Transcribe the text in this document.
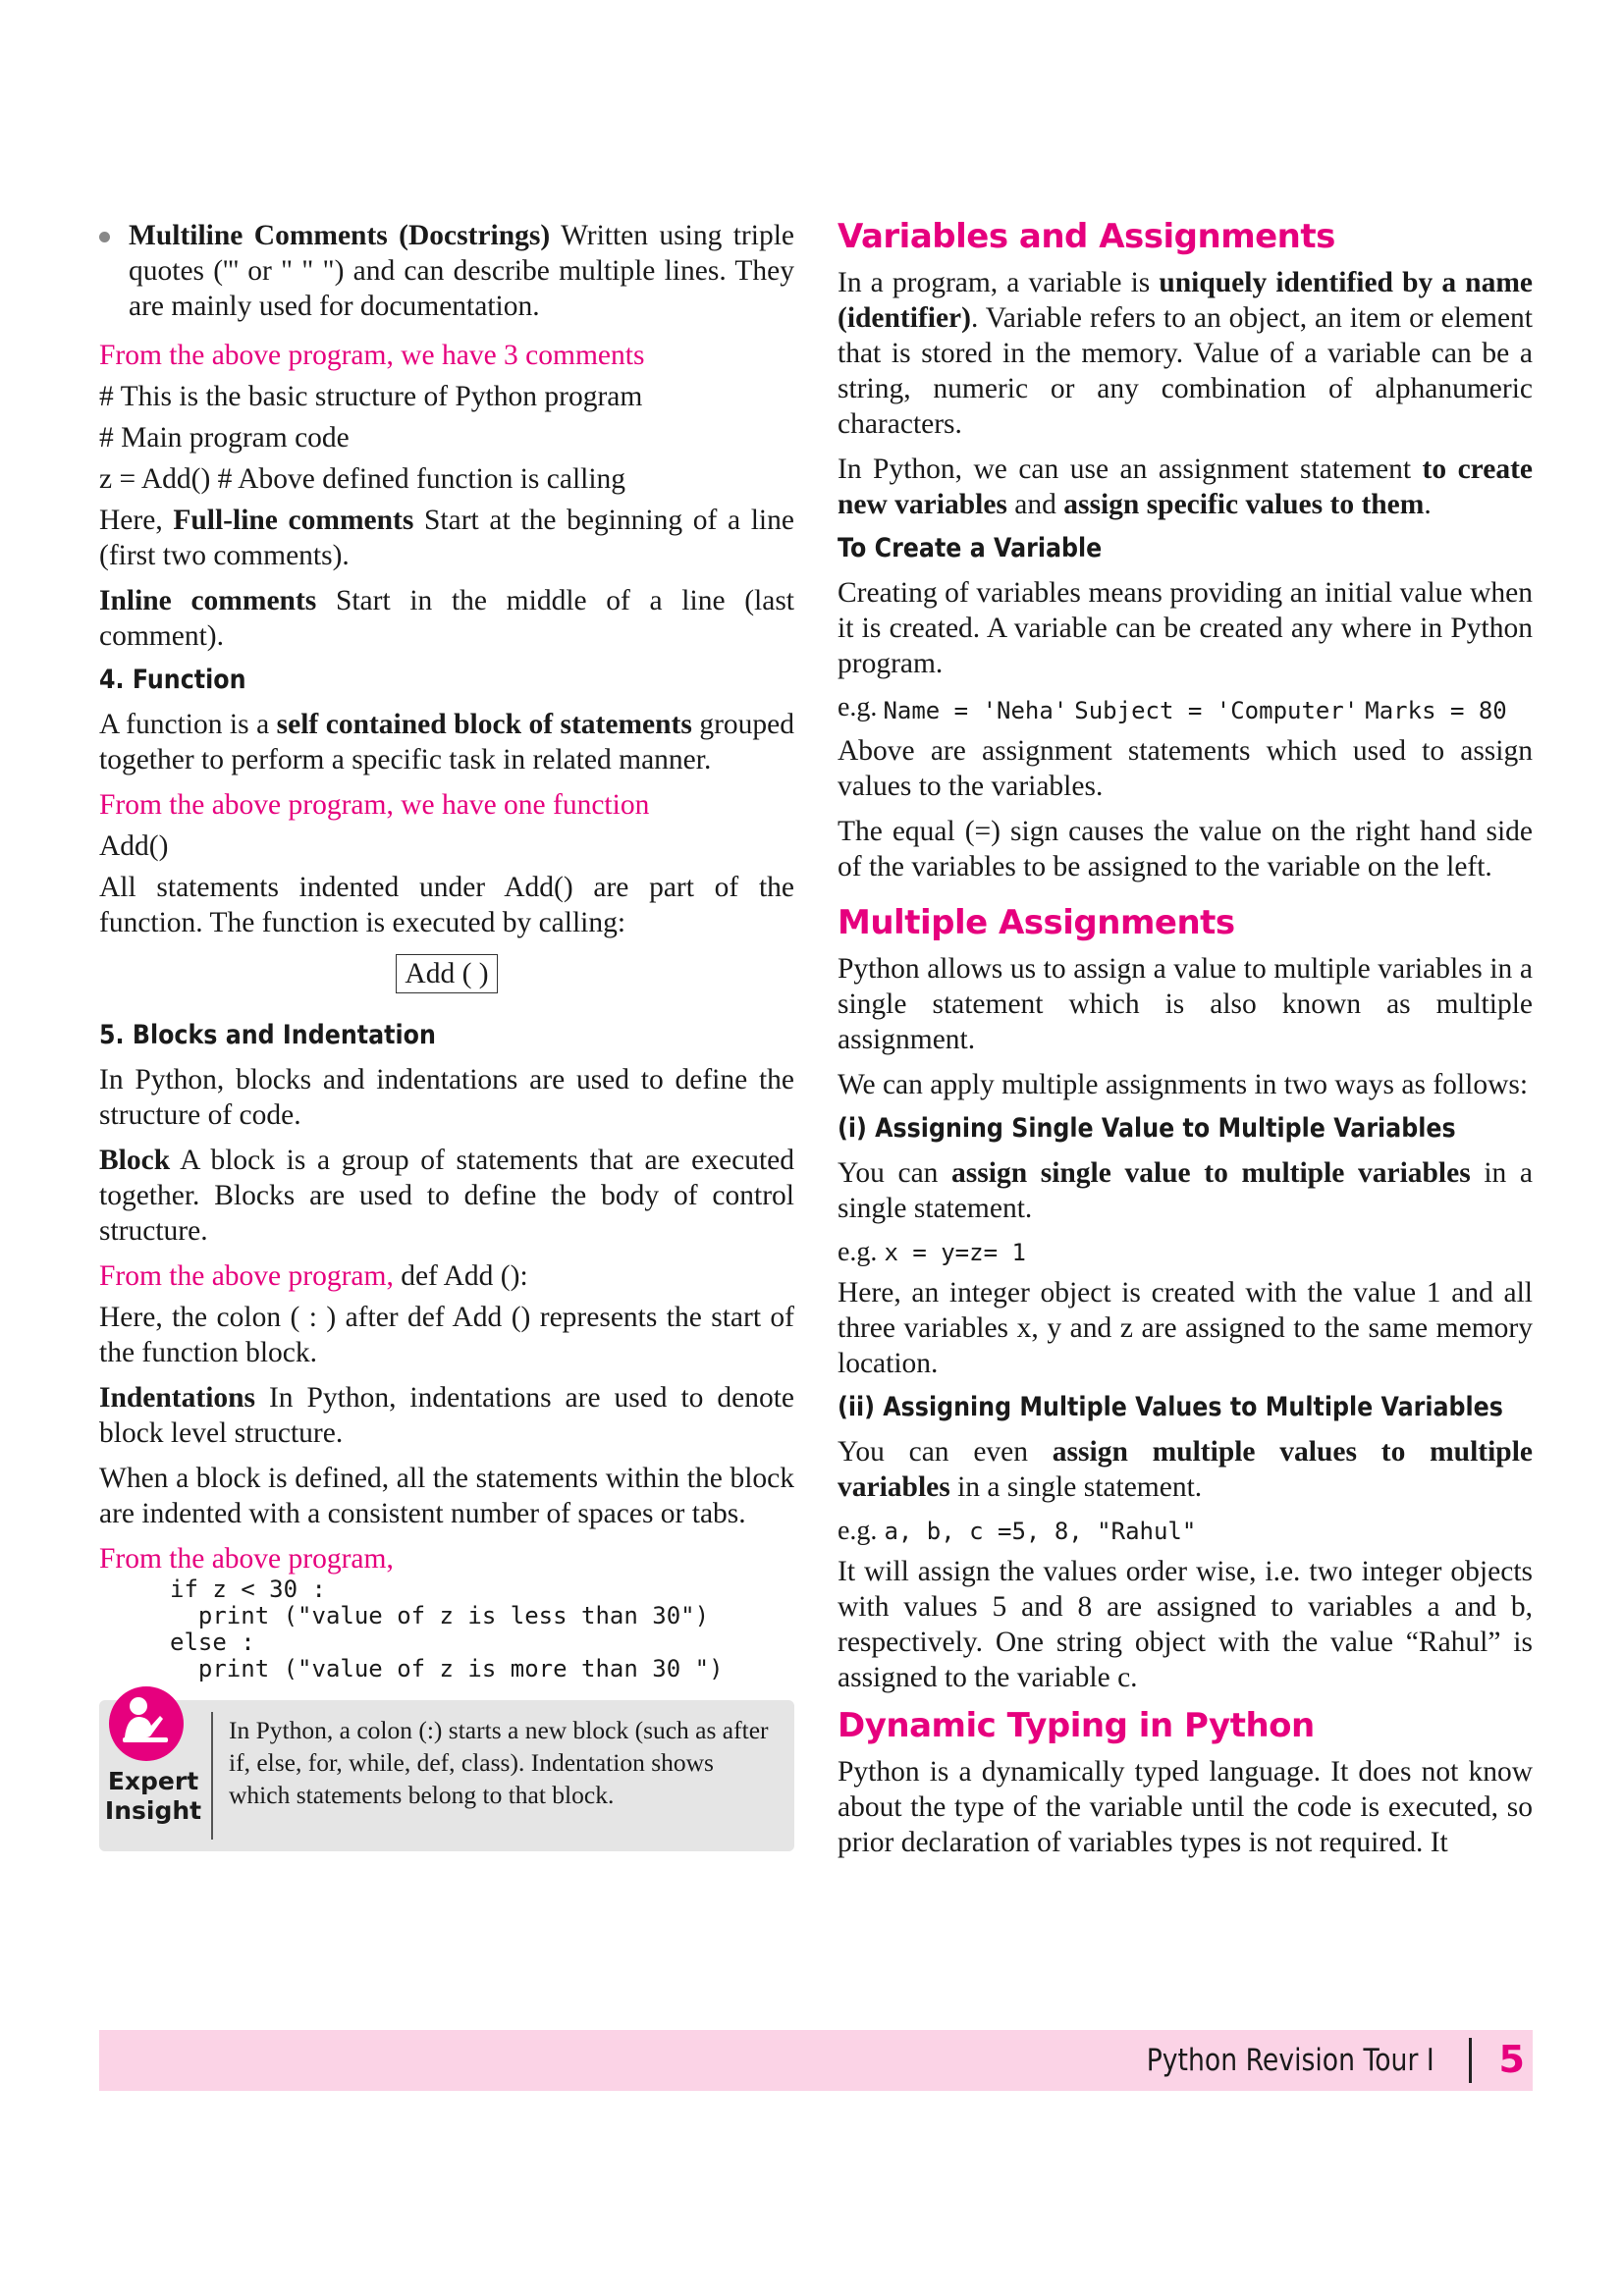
Multiline Comments (Docstrings) Written using triple quotes (''' or " " ") and can describe multiple lines. They are mainly used for documentation.

From the above program, we have 3 comments

# This is the basic structure of Python program

# Main program code

z = Add() # Above defined function is calling

Here, Full-line comments Start at the beginning of a line (first two comments).

Inline comments Start in the middle of a line (last comment).

4. Function

A function is a self contained block of statements grouped together to perform a specific task in related manner.

From the above program, we have one function

Add()

All statements indented under Add() are part of the function. The function is executed by calling:

Add ( )
5. Blocks and Indentation

In Python, blocks and indentations are used to define the structure of code.

Block A block is a group of statements that are executed together. Blocks are used to define the body of control structure.

From the above program, def Add ():

Here, the colon ( : ) after def Add () represents the start of the function block.

Indentations In Python, indentations are used to denote block level structure.

When a block is defined, all the statements within the block are indented with a consistent number of spaces or tabs.

From the above program,

if z < 30 :
print ("value of z is less than 30")
else :
print ("value of z is more than 30 ")
Expert
Insight
In Python, a colon (:) starts a new block (such as after if, else, for, while, def, class). Indentation shows which statements belong to that block.
Variables and Assignments

In a program, a variable is uniquely identified by a name (identifier). Variable refers to an object, an item or element that is stored in the memory. Value of a variable can be a string, numeric or any combination of alphanumeric characters.

In Python, we can use an assignment statement to create new variables and assign specific values to them.

To Create a Variable

Creating of variables means providing an initial value when it is created. A variable can be created any where in Python program.

e.g. Name = 'Neha' Subject = 'Computer' Marks = 80

Above are assignment statements which used to assign values to the variables.

The equal (=) sign causes the value on the right hand side of the variables to be assigned to the variable on the left.

Multiple Assignments

Python allows us to assign a value to multiple variables in a single statement which is also known as multiple assignment.

We can apply multiple assignments in two ways as follows:

(i) Assigning Single Value to Multiple Variables

You can assign single value to multiple variables in a single statement.

e.g. x = y=z= 1

Here, an integer object is created with the value 1 and all three variables x, y and z are assigned to the same memory location.

(ii) Assigning Multiple Values to Multiple Variables

You can even assign multiple values to multiple variables in a single statement.

e.g. a, b, c =5, 8, "Rahul"

It will assign the values order wise, i.e. two integer objects with values 5 and 8 are assigned to variables a and b, respectively. One string object with the value “Rahul” is assigned to the variable c.

Dynamic Typing in Python

Python is a dynamically typed language. It does not know about the type of the variable until the code is executed, so prior declaration of variables types is not required. It

Python Revision Tour I 5
